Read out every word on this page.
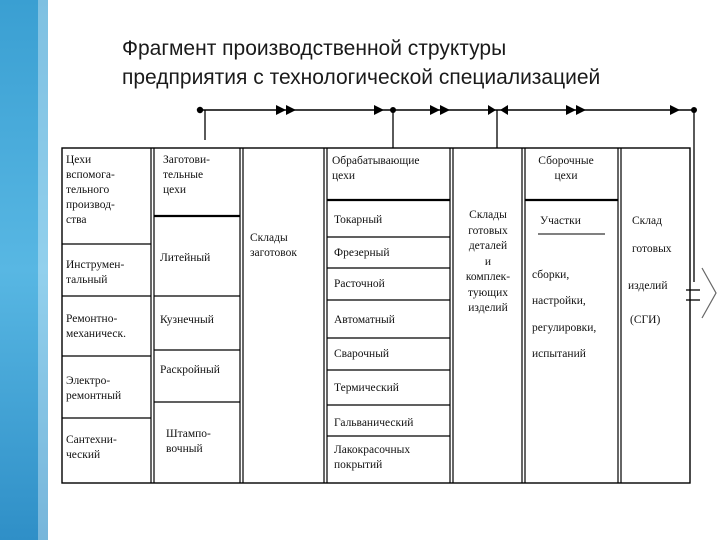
Фрагмент производственной структуры
предприятия с технологической специализацией
Цехи
вспомога-
тельного
производ-
ства
Инструмен-
тальный
Ремонтно-
механическ.
Электро-
ремонтный
Сантехни-
ческий
Заготови-
тельные
цехи
Литейный
Кузнечный
Раскройный
Штампо-
вочный
Склады
заготовок
Обрабатывающие
цехи
Токарный
Фрезерный
Расточной
Автоматный
Сварочный
Термический
Гальванический
Лакокрасочных
покрытий
Склады
готовых
деталей
и
комплек-
тующих
изделий
Сборочные
цехи
Участки
сборки,
настройки,
регулировки,
испытаний
Склад
готовых
изделий
(СГИ)
